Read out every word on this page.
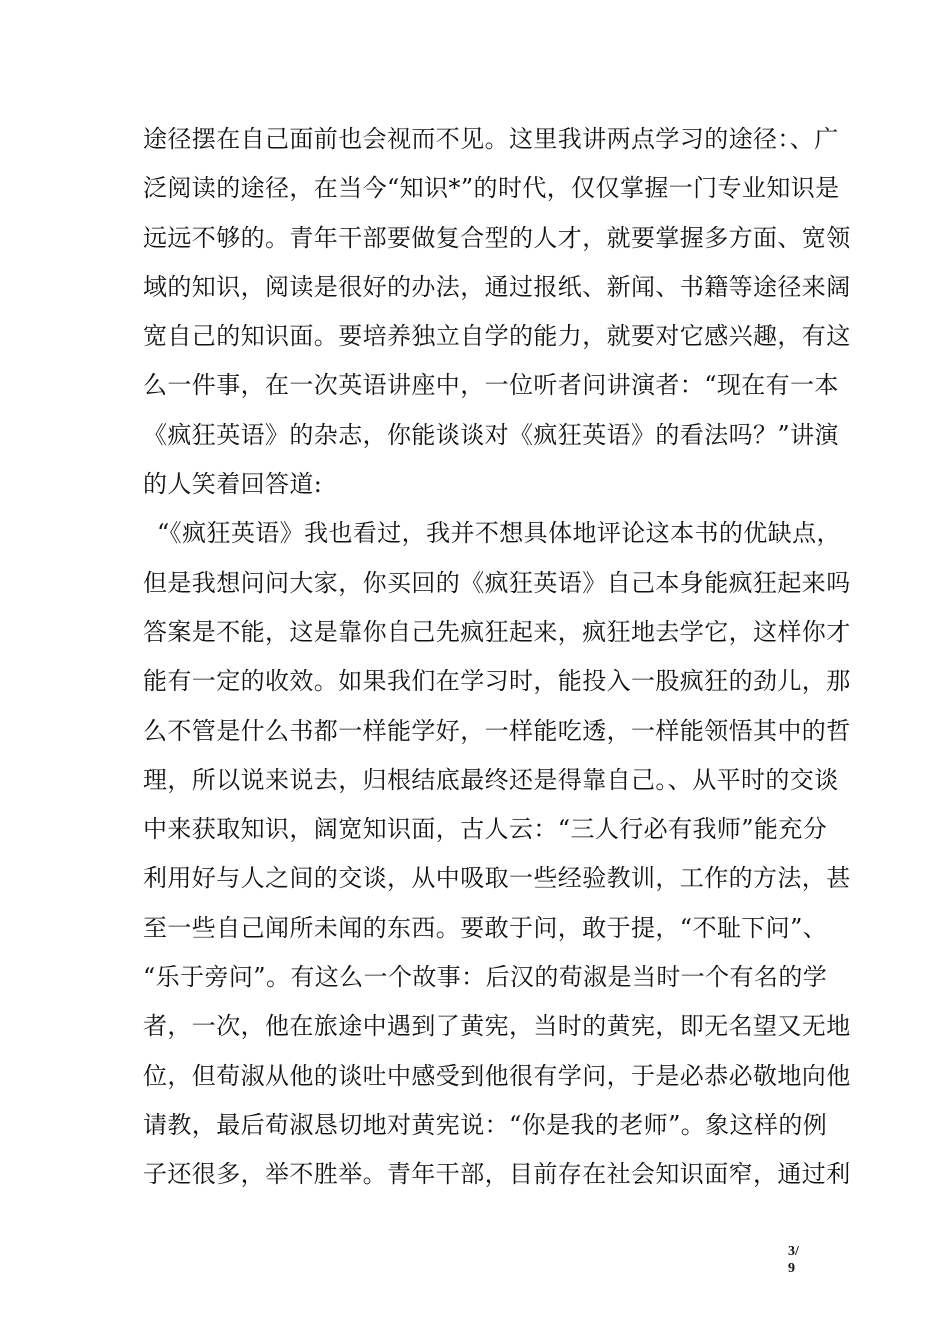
途径摆在自己面前也会视而不见。这里我讲两点学习的途径：、广
泛阅读的途径，在当今“知识*”的时代，仅仅掌握一门专业知识是
远远不够的。青年干部要做复合型的人才，就要掌握多方面、宽领
域的知识，阅读是很好的办法，通过报纸、新闻、书籍等途径来阔
宽自己的知识面。要培养独立自学的能力，就要对它感兴趣，有这
么一件事，在一次英语讲座中，一位听者问讲演者：“现在有一本
《疯狂英语》的杂志，你能谈谈对《疯狂英语》的看法吗？”讲演
的人笑着回答道:
“《疯狂英语》我也看过，我并不想具体地评论这本书的优缺点，
但是我想问问大家，你买回的《疯狂英语》自己本身能疯狂起来吗
答案是不能，这是靠你自己先疯狂起来，疯狂地去学它，这样你才
能有一定的收效。如果我们在学习时，能投入一股疯狂的劲儿，那
么不管是什么书都一样能学好，一样能吃透，一样能领悟其中的哲
理，所以说来说去，归根结底最终还是得靠自己。、从平时的交谈
中来获取知识，阔宽知识面，古人云：“三人行必有我师”能充分
利用好与人之间的交谈，从中吸取一些经验教训，工作的方法，甚
至一些自己闻所未闻的东西。要敢于问，敢于提，“不耻下问”、
“乐于旁问”。有这么一个故事：后汉的荀淑是当时一个有名的学
者，一次，他在旅途中遇到了黄宪，当时的黄宪，即无名望又无地
位，但荀淑从他的谈吐中感受到他很有学问，于是必恭必敬地向他
请教，最后荀淑恳切地对黄宪说：“你是我的老师”。象这样的例
子还很多，举不胜举。青年干部，目前存在社会知识面窄，通过利
3/
9
